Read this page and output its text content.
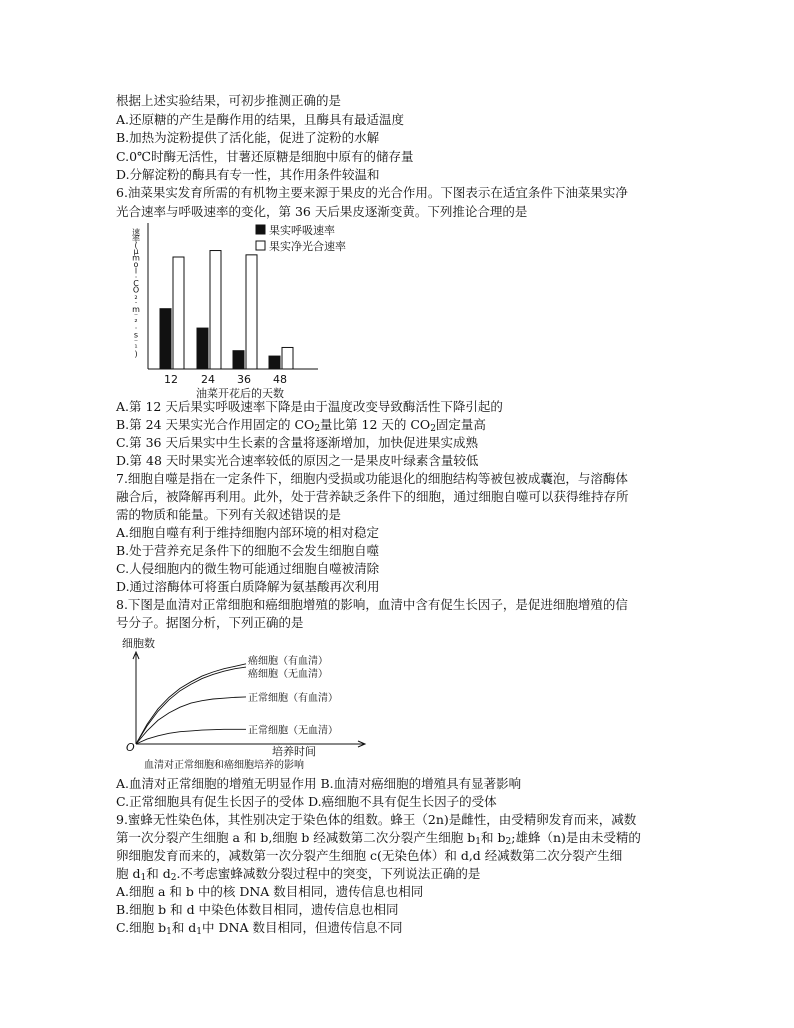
根据上述实验结果，可初步推测正确的是
A.还原糖的产生是酶作用的结果，且酶具有最适温度
B.加热为淀粉提供了活化能，促进了淀粉的水解
C.0℃时酶无活性，甘薯还原糖是细胞中原有的储存量
D.分解淀粉的酶具有专一性，其作用条件较温和
6.油菜果实发育所需的有机物主要来源于果皮的光合作用。下图表示在适宜条件下油菜果实净
光合速率与呼吸速率的变化，第 36 天后果皮逐渐变黄。下列推论合理的是
速
率
(
μ
m
o
l
·
C
O
₂
·
m
⁻
²
·
s
⁻
¹
)
果实呼吸速率
果实净光合速率
12 24 36 48
油菜开花后的天数
A.第 12 天后果实呼吸速率下降是由于温度改变导致酶活性下降引起的
B.第 24 天果实光合作用固定的 $CO_2$量比第 12 天的 $CO_2$固定量高
C.第 36 天后果实中生长素的含量将逐渐增加，加快促进果实成熟
D.第 48 天时果实光合速率较低的原因之一是果皮叶绿素含量较低
7.细胞自噬是指在一定条件下，细胞内受损或功能退化的细胞结构等被包被成囊泡，与溶酶体
融合后，被降解再利用。此外，处于营养缺乏条件下的细胞，通过细胞自噬可以获得维持存所
需的物质和能量。下列有关叙述错误的是
A.细胞自噬有利于维持细胞内部环境的相对稳定
B.处于营养充足条件下的细胞不会发生细胞自噬
C.人侵细胞内的微生物可能通过细胞自噬被清除
D.通过溶酶体可将蛋白质降解为氨基酸再次利用
8.下图是血清对正常细胞和癌细胞增殖的影响，血清中含有促生长因子，是促进细胞增殖的信
号分子。据图分析，下列正确的是
细胞数
O
癌细胞（有血清）
癌细胞（无血清）
正常细胞（有血清）
正常细胞（无血清）
培养时间
血清对正常细胞和癌细胞培养的影响
A.血清对正常细胞的增殖无明显作用 B.血清对癌细胞的增殖具有显著影响
C.正常细胞具有促生长因子的受体 D.癌细胞不具有促生长因子的受体
9.蜜蜂无性染色体，其性别决定于染色体的组数。蜂王（2n)是雌性，由受精卵发育而来，减数
第一次分裂产生细胞 a 和 b,细胞 b 经减数第二次分裂产生细胞 $b_1$和 $b_2$;雄蜂（n)是由未受精的
卵细胞发育而来的，减数第一次分裂产生细胞 c(无染色体）和 d,d 经减数第二次分裂产生细
胞 $d_1$和 $d_2$.不考虑蜜蜂减数分裂过程中的突变，下列说法正确的是
A.细胞 a 和 b 中的核 DNA 数目相同，遗传信息也相同
B.细胞 b 和 d 中染色体数目相同，遗传信息也相同
C.细胞 $b_1$和 $d_1$中 DNA 数目相同，但遗传信息不同
